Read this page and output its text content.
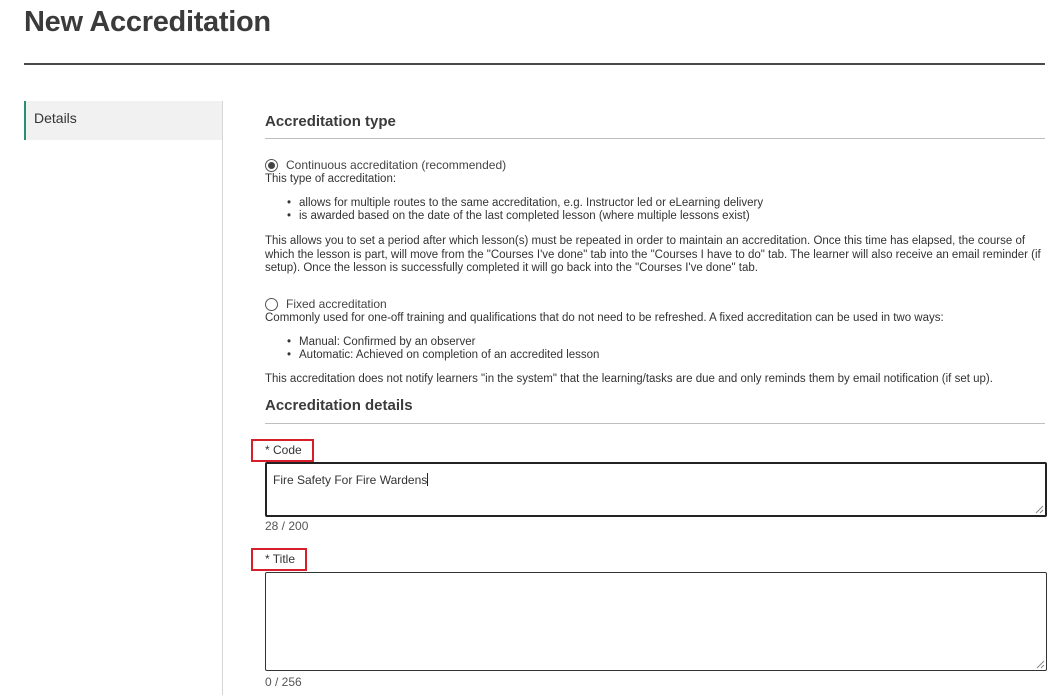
New Accreditation
Details	Accreditation type
Continuous accreditation (recommended)
This type of accreditation:
• allows for multiple routes to the same accreditation, e.g. Instructor led or eLearning delivery
• is awarded based on the date of the last completed lesson (where multiple lessons exist)
This allows you to set a period after which lesson(s) must be repeated in order to maintain an accreditation. Once this time has elapsed, the course of
which the lesson is part, will move from the "Courses I've done" tab into the "Courses I have to do" tab. The learner will also receive an email reminder (if
setup). Once the lesson is successfully completed it will go back into the "Courses I've done" tab.
Fixed accreditation
Commonly used for one-off training and qualifications that do not need to be refreshed. A fixed accreditation can be used in two ways:
• Manual: Confirmed by an observer
• Automatic: Achieved on completion of an accredited lesson
This accreditation does not notify learners "in the system" that the learning/tasks are due and only reminds them by email notification (if set up).
Accreditation details
* Code
Fire Safety For Fire Wardens
28 / 200
* Title
0 / 256
